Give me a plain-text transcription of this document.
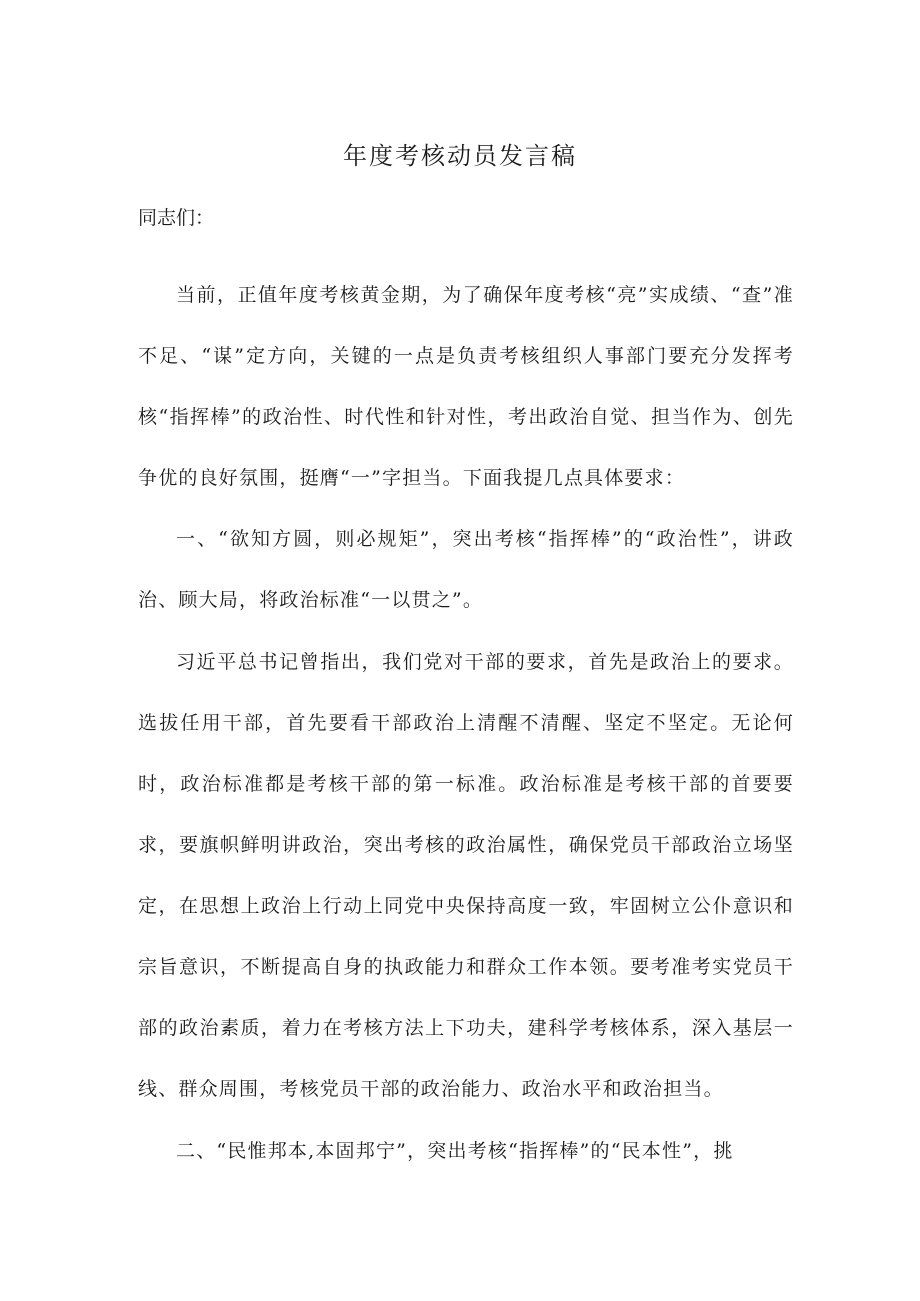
年度考核动员发言稿

同志们：

当前，正值年度考核黄金期，为了确保年度考核“亮”实成绩、“查”准不足、“谋”定方向，关键的一点是负责考核组织人事部门要充分发挥考核“指挥棒”的政治性、时代性和针对性，考出政治自觉、担当作为、创先争优的良好氛围，挺膺“一”字担当。下面我提几点具体要求：

一、“欲知方圆，则必规矩”，突出考核“指挥棒”的“政治性”，讲政治、顾大局，将政治标准“一以贯之”。

习近平总书记曾指出，我们党对干部的要求，首先是政治上的要求。选拔任用干部，首先要看干部政治上清醒不清醒、坚定不坚定。无论何时，政治标准都是考核干部的第一标准。政治标准是考核干部的首要要求，要旗帜鲜明讲政治，突出考核的政治属性，确保党员干部政治立场坚定，在思想上政治上行动上同党中央保持高度一致，牢固树立公仆意识和宗旨意识，不断提高自身的执政能力和群众工作本领。要考准考实党员干部的政治素质，着力在考核方法上下功夫，建科学考核体系，深入基层一线、群众周围，考核党员干部的政治能力、政治水平和政治担当。

二、“民惟邦本,本固邦宁”，突出考核“指挥棒”的“民本性”，挑
